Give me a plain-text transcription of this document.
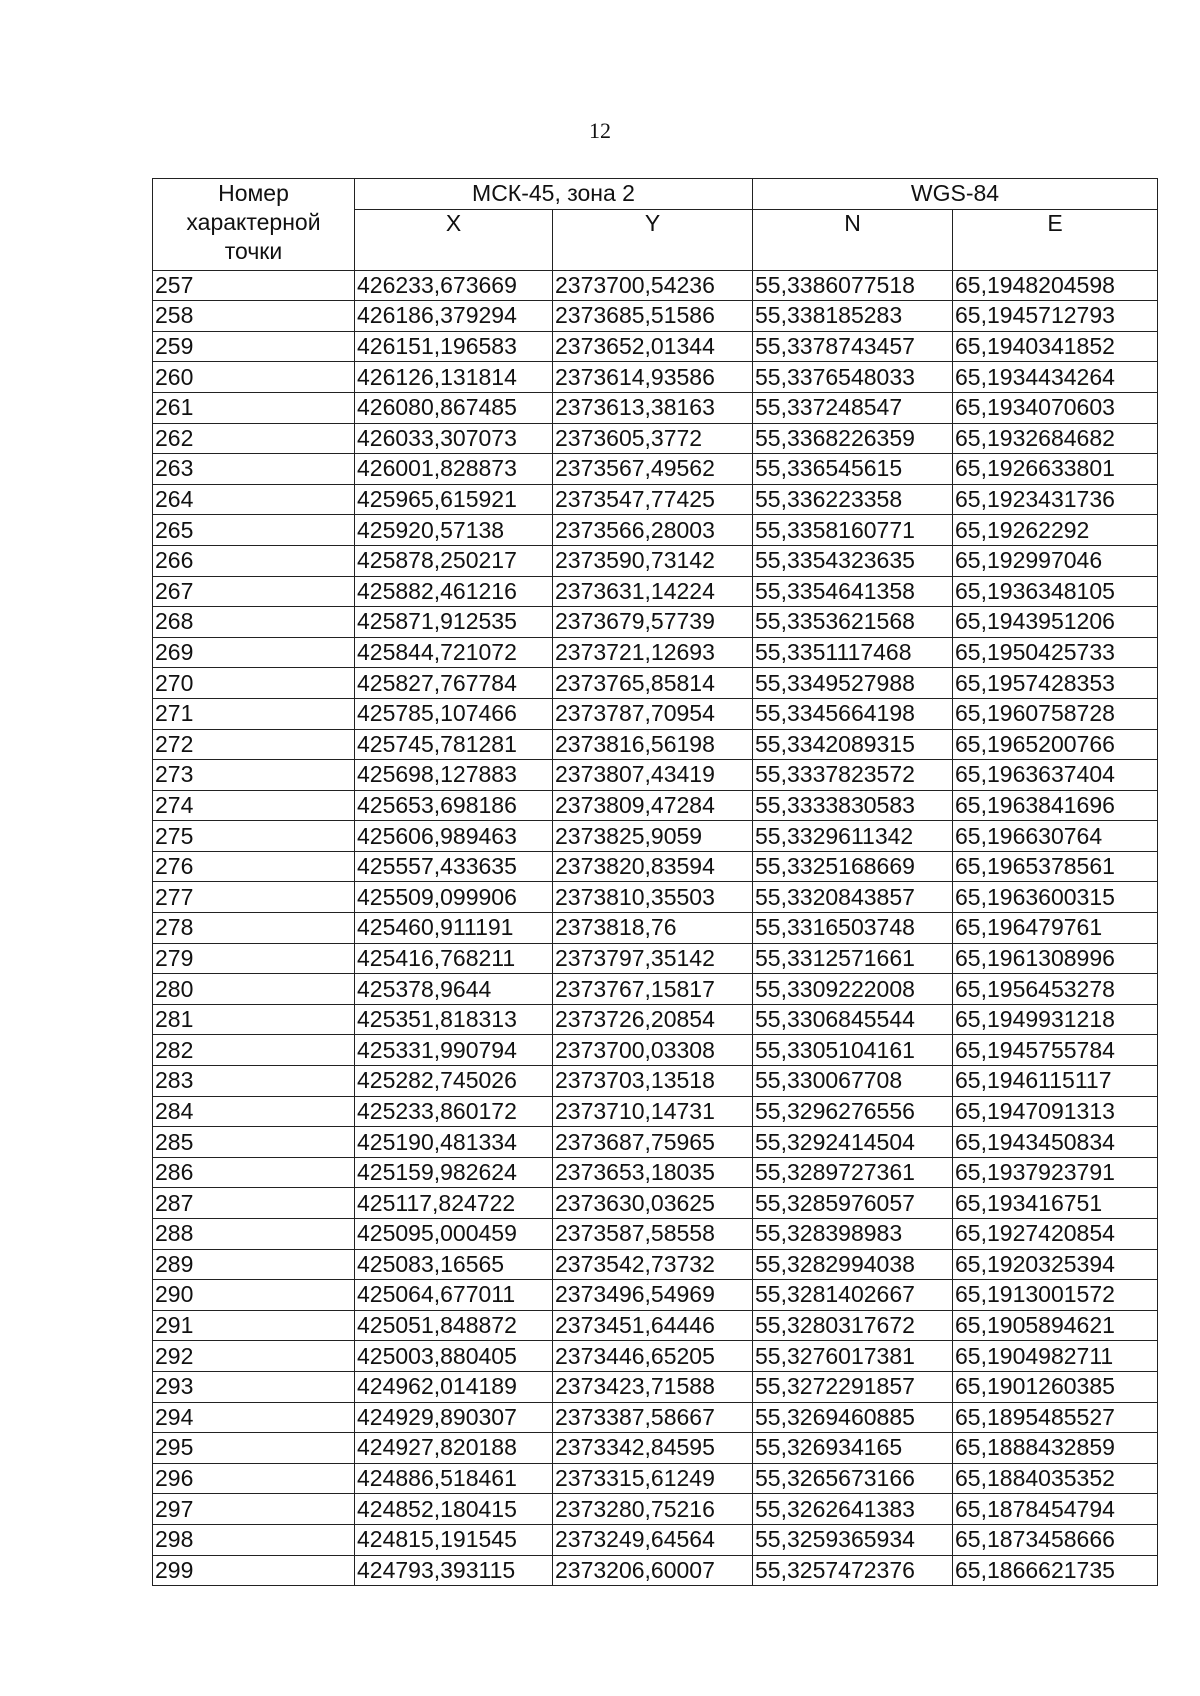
12
Номер характерной точки	МСК-45, зона 2		WGS-84	
	X	Y	N	E
257	426233,673669	2373700,54236	55,3386077518	65,1948204598
258	426186,379294	2373685,51586	55,338185283	65,1945712793
259	426151,196583	2373652,01344	55,3378743457	65,1940341852
260	426126,131814	2373614,93586	55,3376548033	65,1934434264
261	426080,867485	2373613,38163	55,337248547	65,1934070603
262	426033,307073	2373605,3772	55,3368226359	65,1932684682
263	426001,828873	2373567,49562	55,336545615	65,1926633801
264	425965,615921	2373547,77425	55,336223358	65,1923431736
265	425920,57138	2373566,28003	55,3358160771	65,19262292
266	425878,250217	2373590,73142	55,3354323635	65,192997046
267	425882,461216	2373631,14224	55,3354641358	65,1936348105
268	425871,912535	2373679,57739	55,3353621568	65,1943951206
269	425844,721072	2373721,12693	55,3351117468	65,1950425733
270	425827,767784	2373765,85814	55,3349527988	65,1957428353
271	425785,107466	2373787,70954	55,3345664198	65,1960758728
272	425745,781281	2373816,56198	55,3342089315	65,1965200766
273	425698,127883	2373807,43419	55,3337823572	65,1963637404
274	425653,698186	2373809,47284	55,3333830583	65,1963841696
275	425606,989463	2373825,9059	55,3329611342	65,196630764
276	425557,433635	2373820,83594	55,3325168669	65,1965378561
277	425509,099906	2373810,35503	55,3320843857	65,1963600315
278	425460,911191	2373818,76	55,3316503748	65,196479761
279	425416,768211	2373797,35142	55,3312571661	65,1961308996
280	425378,9644	2373767,15817	55,3309222008	65,1956453278
281	425351,818313	2373726,20854	55,3306845544	65,1949931218
282	425331,990794	2373700,03308	55,3305104161	65,1945755784
283	425282,745026	2373703,13518	55,330067708	65,1946115117
284	425233,860172	2373710,14731	55,3296276556	65,1947091313
285	425190,481334	2373687,75965	55,3292414504	65,1943450834
286	425159,982624	2373653,18035	55,3289727361	65,1937923791
287	425117,824722	2373630,03625	55,3285976057	65,193416751
288	425095,000459	2373587,58558	55,328398983	65,1927420854
289	425083,16565	2373542,73732	55,3282994038	65,1920325394
290	425064,677011	2373496,54969	55,3281402667	65,1913001572
291	425051,848872	2373451,64446	55,3280317672	65,1905894621
292	425003,880405	2373446,65205	55,3276017381	65,1904982711
293	424962,014189	2373423,71588	55,3272291857	65,1901260385
294	424929,890307	2373387,58667	55,3269460885	65,1895485527
295	424927,820188	2373342,84595	55,326934165	65,1888432859
296	424886,518461	2373315,61249	55,3265673166	65,1884035352
297	424852,180415	2373280,75216	55,3262641383	65,1878454794
298	424815,191545	2373249,64564	55,3259365934	65,1873458666
299	424793,393115	2373206,60007	55,3257472376	65,1866621735
